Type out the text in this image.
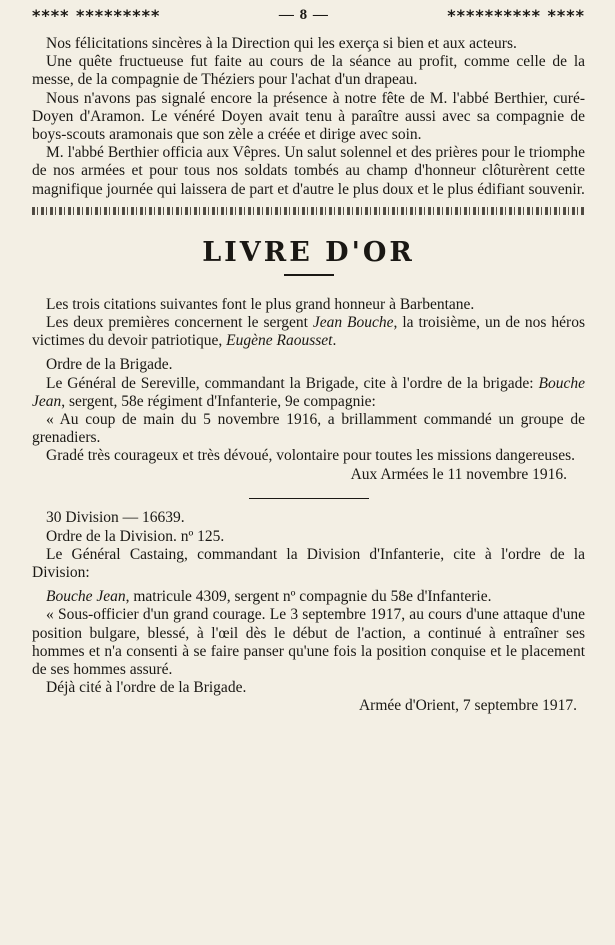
**** *********	— 8 —	********** ****

Nos félicitations sincères à la Direction qui les exerça si bien et aux acteurs.

Une quête fructueuse fut faite au cours de la séance au profit, comme celle de la messe, de la compagnie de Théziers pour l'achat d'un drapeau.

Nous n'avons pas signalé encore la présence à notre fête de M. l'abbé Berthier, curé-Doyen d'Aramon. Le vénéré Doyen avait tenu à paraître aussi avec sa compagnie de boys-scouts aramonais que son zèle a créée et dirige avec soin.

M. l'abbé Berthier officia aux Vêpres. Un salut solennel et des prières pour le triomphe de nos armées et pour tous nos soldats tombés au champ d'honneur clôturèrent cette magnifique journée qui laissera de part et d'autre le plus doux et le plus édifiant souvenir.

LIVRE D'OR

Les trois citations suivantes font le plus grand honneur à Barbentane.

Les deux premières concernent le sergent Jean Bouche, la troisième, un de nos héros victimes du devoir patriotique, Eugène Raousset.

Ordre de la Brigade.

Le Général de Sereville, commandant la Brigade, cite à l'ordre de la brigade: Bouche Jean, sergent, 58e régiment d'Infanterie, 9e compagnie:

« Au coup de main du 5 novembre 1916, a brillamment commandé un groupe de grenadiers.

Gradé très courageux et très dévoué, volontaire pour toutes les missions dangereuses.

Aux Armées le 11 novembre 1916.

30 Division — 16639.

Ordre de la Division. nº 125.

Le Général Castaing, commandant la Division d'Infanterie, cite à l'ordre de la Division:

Bouche Jean, matricule 4309, sergent nº compagnie du 58e d'Infanterie.

« Sous-officier d'un grand courage. Le 3 septembre 1917, au cours d'une attaque d'une position bulgare, blessé, à l'œil dès le début de l'action, a continué à entraîner ses hommes et n'a consenti à se faire panser qu'une fois la position conquise et le placement de ses hommes assuré.

Déjà cité à l'ordre de la Brigade.

Armée d'Orient, 7 septembre 1917.
